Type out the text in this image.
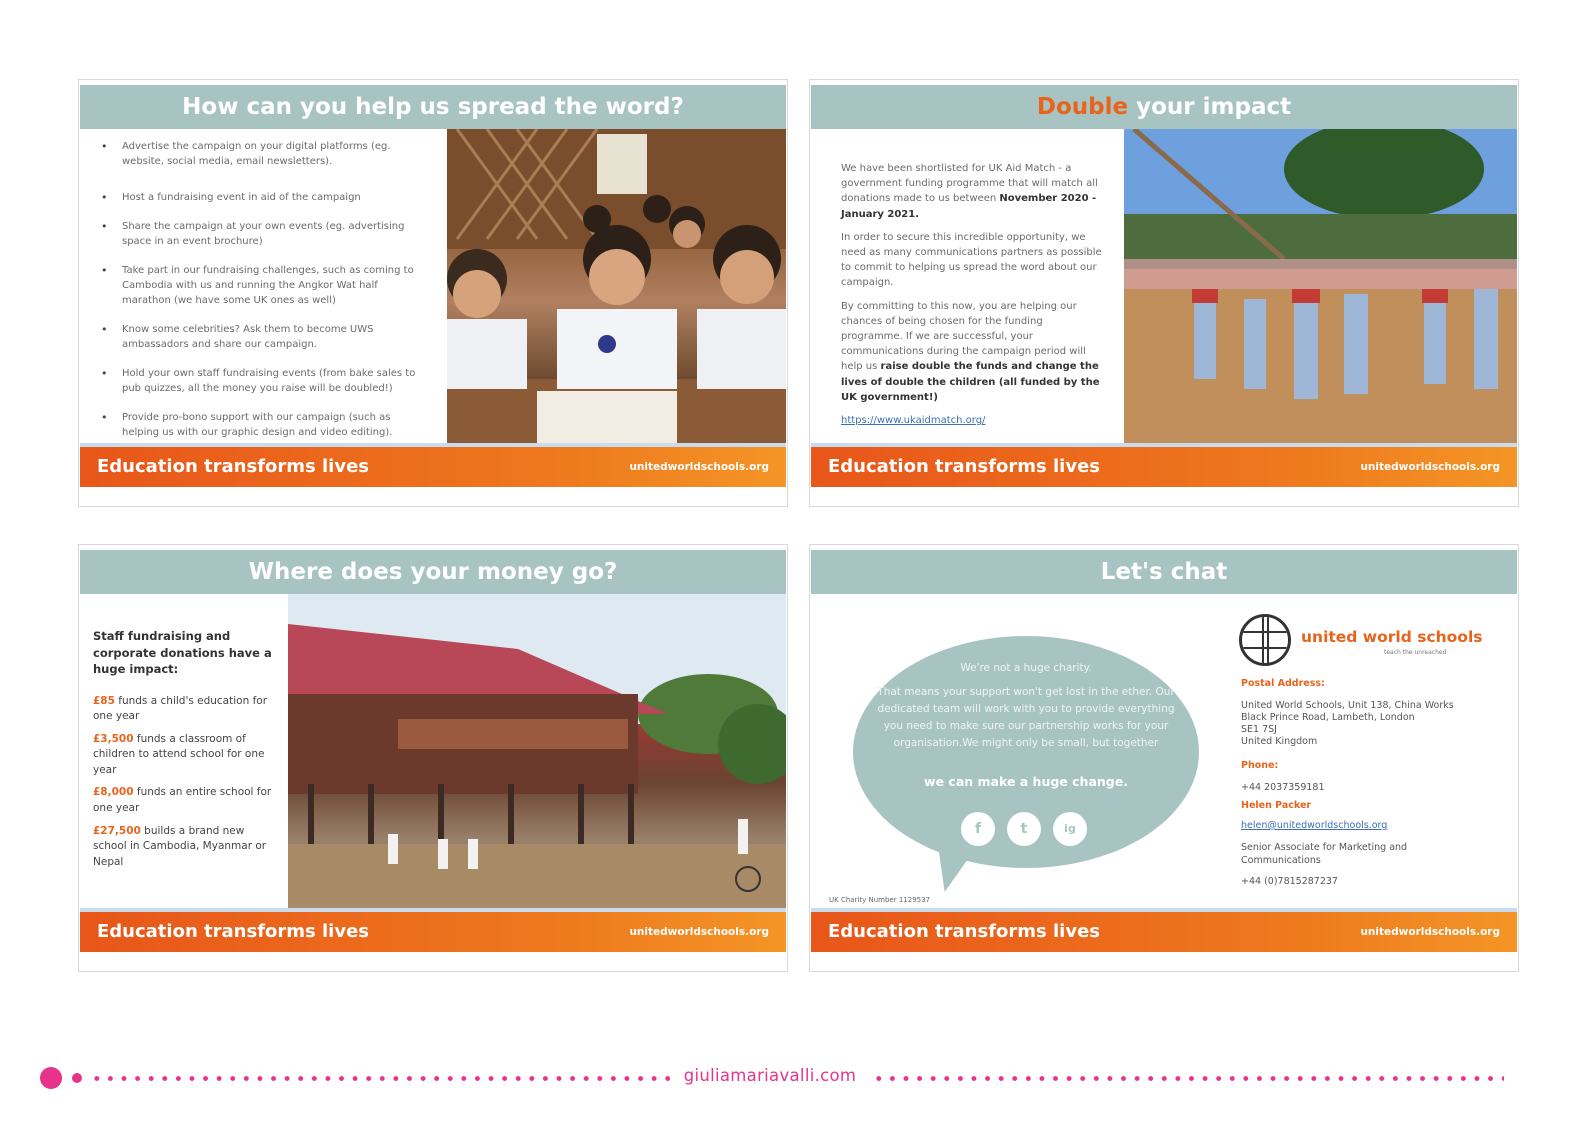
How can you help us spread the word?
• Advertise the campaign on your digital platforms (eg. website, social media, email newsletters).
• Host a fundraising event in aid of the campaign
• Share the campaign at your own events (eg. advertising space in an event brochure)
• Take part in our fundraising challenges, such as coming to Cambodia with us and running the Angkor Wat half marathon (we have some UK ones as well)
• Know some celebrities? Ask them to become UWS ambassadors and share our campaign.
• Hold your own staff fundraising events (from bake sales to pub quizzes, all the money you raise will be doubled!)
• Provide pro-bono support with our campaign (such as helping us with our graphic design and video editing).
Education transforms lives	unitedworldschools.org
Double your impact

We have been shortlisted for UK Aid Match - a government funding programme that will match all donations made to us between November 2020 - January 2021.

In order to secure this incredible opportunity, we need as many communications partners as possible to commit to helping us spread the word about our campaign.

By committing to this now, you are helping our chances of being chosen for the funding programme. If we are successful, your communications during the campaign period will help us raise double the funds and change the lives of double the children (all funded by the UK government!)

https://www.ukaidmatch.org/

Education transforms lives	unitedworldschools.org
Where does your money go?
Staff fundraising and corporate donations have a huge impact:
£85 funds a child's education for one year
£3,500 funds a classroom of children to attend school for one year
£8,000 funds an entire school for one year
£27,500 builds a brand new school in Cambodia, Myanmar or Nepal
Education transforms lives	unitedworldschools.org
Let's chat
We're not a huge charity.
That means your support won't get lost in the ether. Our dedicated team will work with you to provide everything you need to make sure our partnership works for your organisation.We might only be small, but together
we can make a huge change.
f	t	ig
UK Charity Number 1129537
united world schools
teach the unreached
Postal Address:
United World Schools, Unit 138, China Works
Black Prince Road, Lambeth, London
SE1 7SJ
United Kingdom
Phone:
+44 2037359181
Helen Packer
helen@unitedworldschools.org
Senior Associate for Marketing and Communications
+44 (0)7815287237
Education transforms lives	unitedworldschools.org
giuliamariavalli.com
